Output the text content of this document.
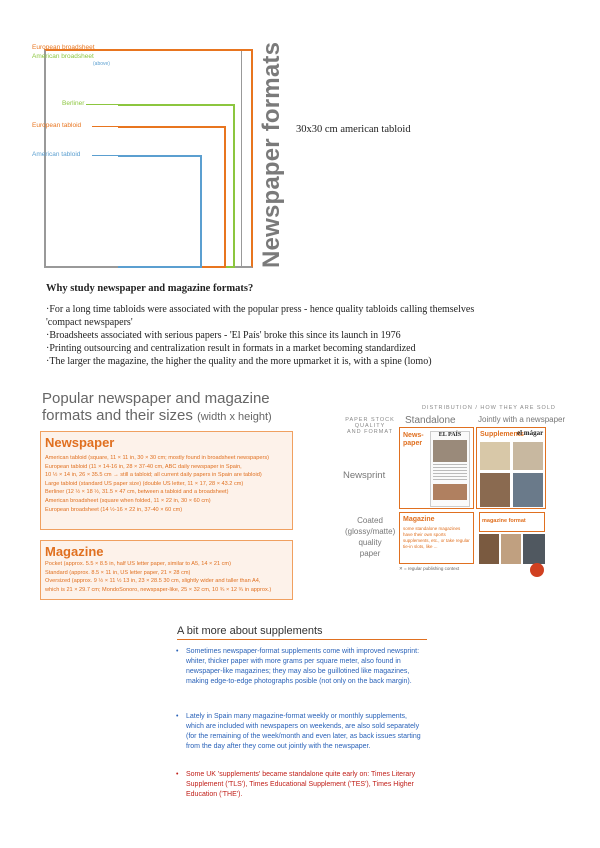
European broadsheet
American broadsheet
(above)
Berliner
European tabloid
American tabloid	Newspaper formats 30x30 cm american tabloid
Why study newspaper and magazine formats?
·For a long time tabloids were associated with the popular press - hence quality tabloids calling themselves
'compact newspapers'
·Broadsheets associated with serious papers - 'El País' broke this since its launch in 1976
·Printing outsourcing and centralization result in formats in a market becoming standardized
·The larger the magazine, the higher the quality and the more upmarket it is, with a spine (lomo)
Popular newspaper and magazine
formats and their sizes (width x height)
Newspaper
American tabloid (square, 11 × 11 in, 30 × 30 cm; mostly found in broadsheet newspapers)
European tabloid (11 × 14-16 in, 28 × 37-40 cm, ABC daily newspaper in Spain,
10 ½ × 14 in, 26 × 35.5 cm → still a tabloid; all current daily papers in Spain are tabloid)
Large tabloid (standard US paper size) (double US letter, 11 × 17, 28 × 43.2 cm)
Berliner (12 ½ × 18 ½, 31.5 × 47 cm, between a tabloid and a broadsheet)
American broadsheet (square when folded, 11 × 22 in, 30 × 60 cm)
European broadsheet (14 ½-16 × 22 in, 37-40 × 60 cm)
Magazine
Pocket (approx. 5.5 × 8.5 in, half US letter paper, similar to A5, 14 × 21 cm)
Standard (approx. 8.5 × 11 in, US letter paper, 21 × 28 cm)
Oversized (approx. 9 ½ × 11 ½ 13 in, 23 × 28.5 30 cm, slightly wider and taller than A4,
which is 21 × 29.7 cm; MondoSonoro, newspaper-like, 25 × 32 cm, 10 ¾ × 12 ¾ in approx.)
DISTRIBUTION / HOW THEY ARE SOLD
PAPER STOCK
QUALITY
AND FORMAT
Standalone	Jointly with a newspaper
Newsprint
Coated
(glossy/matte)
quality
paper
News-
paper
EL PAÍS	Supplements
el mágar
Magazine
some standalone magazines have their own sports supplements, etc., or take regular tie-in slots, like ...
magazine format
✕ = regular publishing context
A bit more about supplements
• Sometimes newspaper-format supplements come with improved newsprint: whiter, thicker paper with more grams per square meter, also found in newspaper-like magazines; they may also be guillotined like magazines, making edge-to-edge photographs posible (not only on the back margin).
• Lately in Spain many magazine-format weekly or monthly supplements, which are included with newspapers on weekends, are also sold separately (for the remaining of the week/month and even later, as back issues starting from the day after they come out jointly with the newspaper.
• Some UK 'supplements' became standalone quite early on: Times Literary Supplement ('TLS'), Times Educational Supplement ('TES'), Times Higher Education ('THE').
